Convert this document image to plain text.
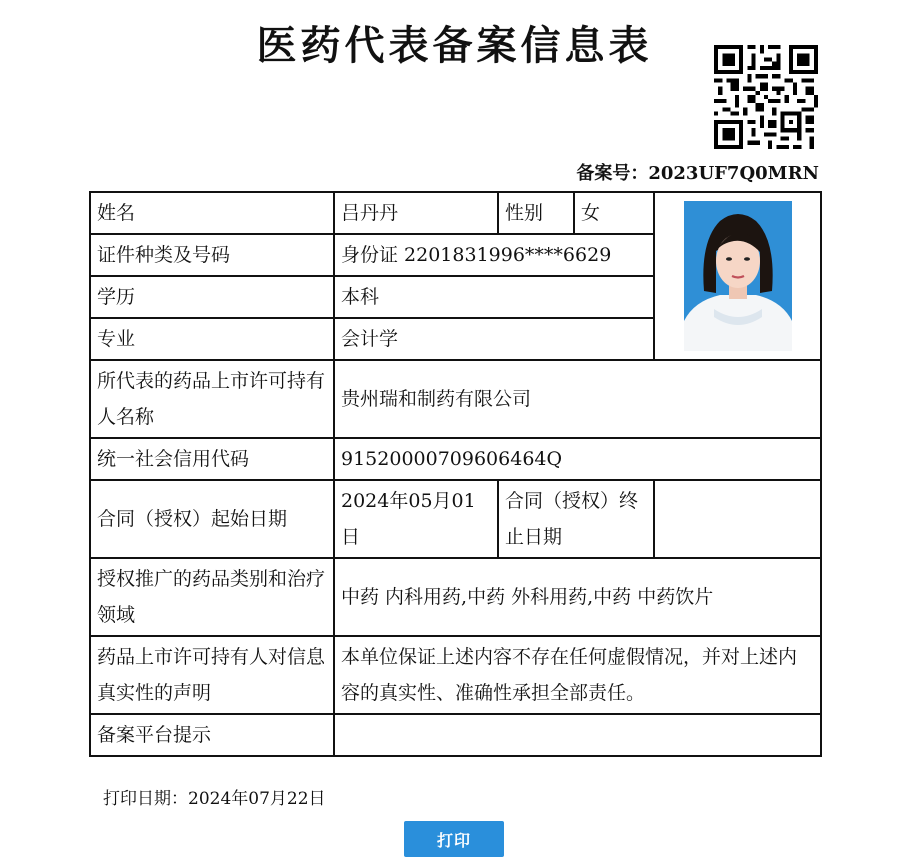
医药代表备案信息表
备案号：2023UF7Q0MRN
姓名	吕丹丹	性别	女	
证件种类及号码	身份证 2201831996****6629			
学历	本科			
专业	会计学			
所代表的药品上市许可持有人名称	贵州瑞和制药有限公司			
统一社会信用代码	91520000709606464Q			
合同（授权）起始日期	2024年05月01日	合同（授权）终止日期		
授权推广的药品类别和治疗领域	中药 内科用药,中药 外科用药,中药 中药饮片			
药品上市许可持有人对信息真实性的声明	本单位保证上述内容不存在任何虚假情况，并对上述内容的真实性、准确性承担全部责任。			
备案平台提示				
打印日期：2024年07月22日
打印
